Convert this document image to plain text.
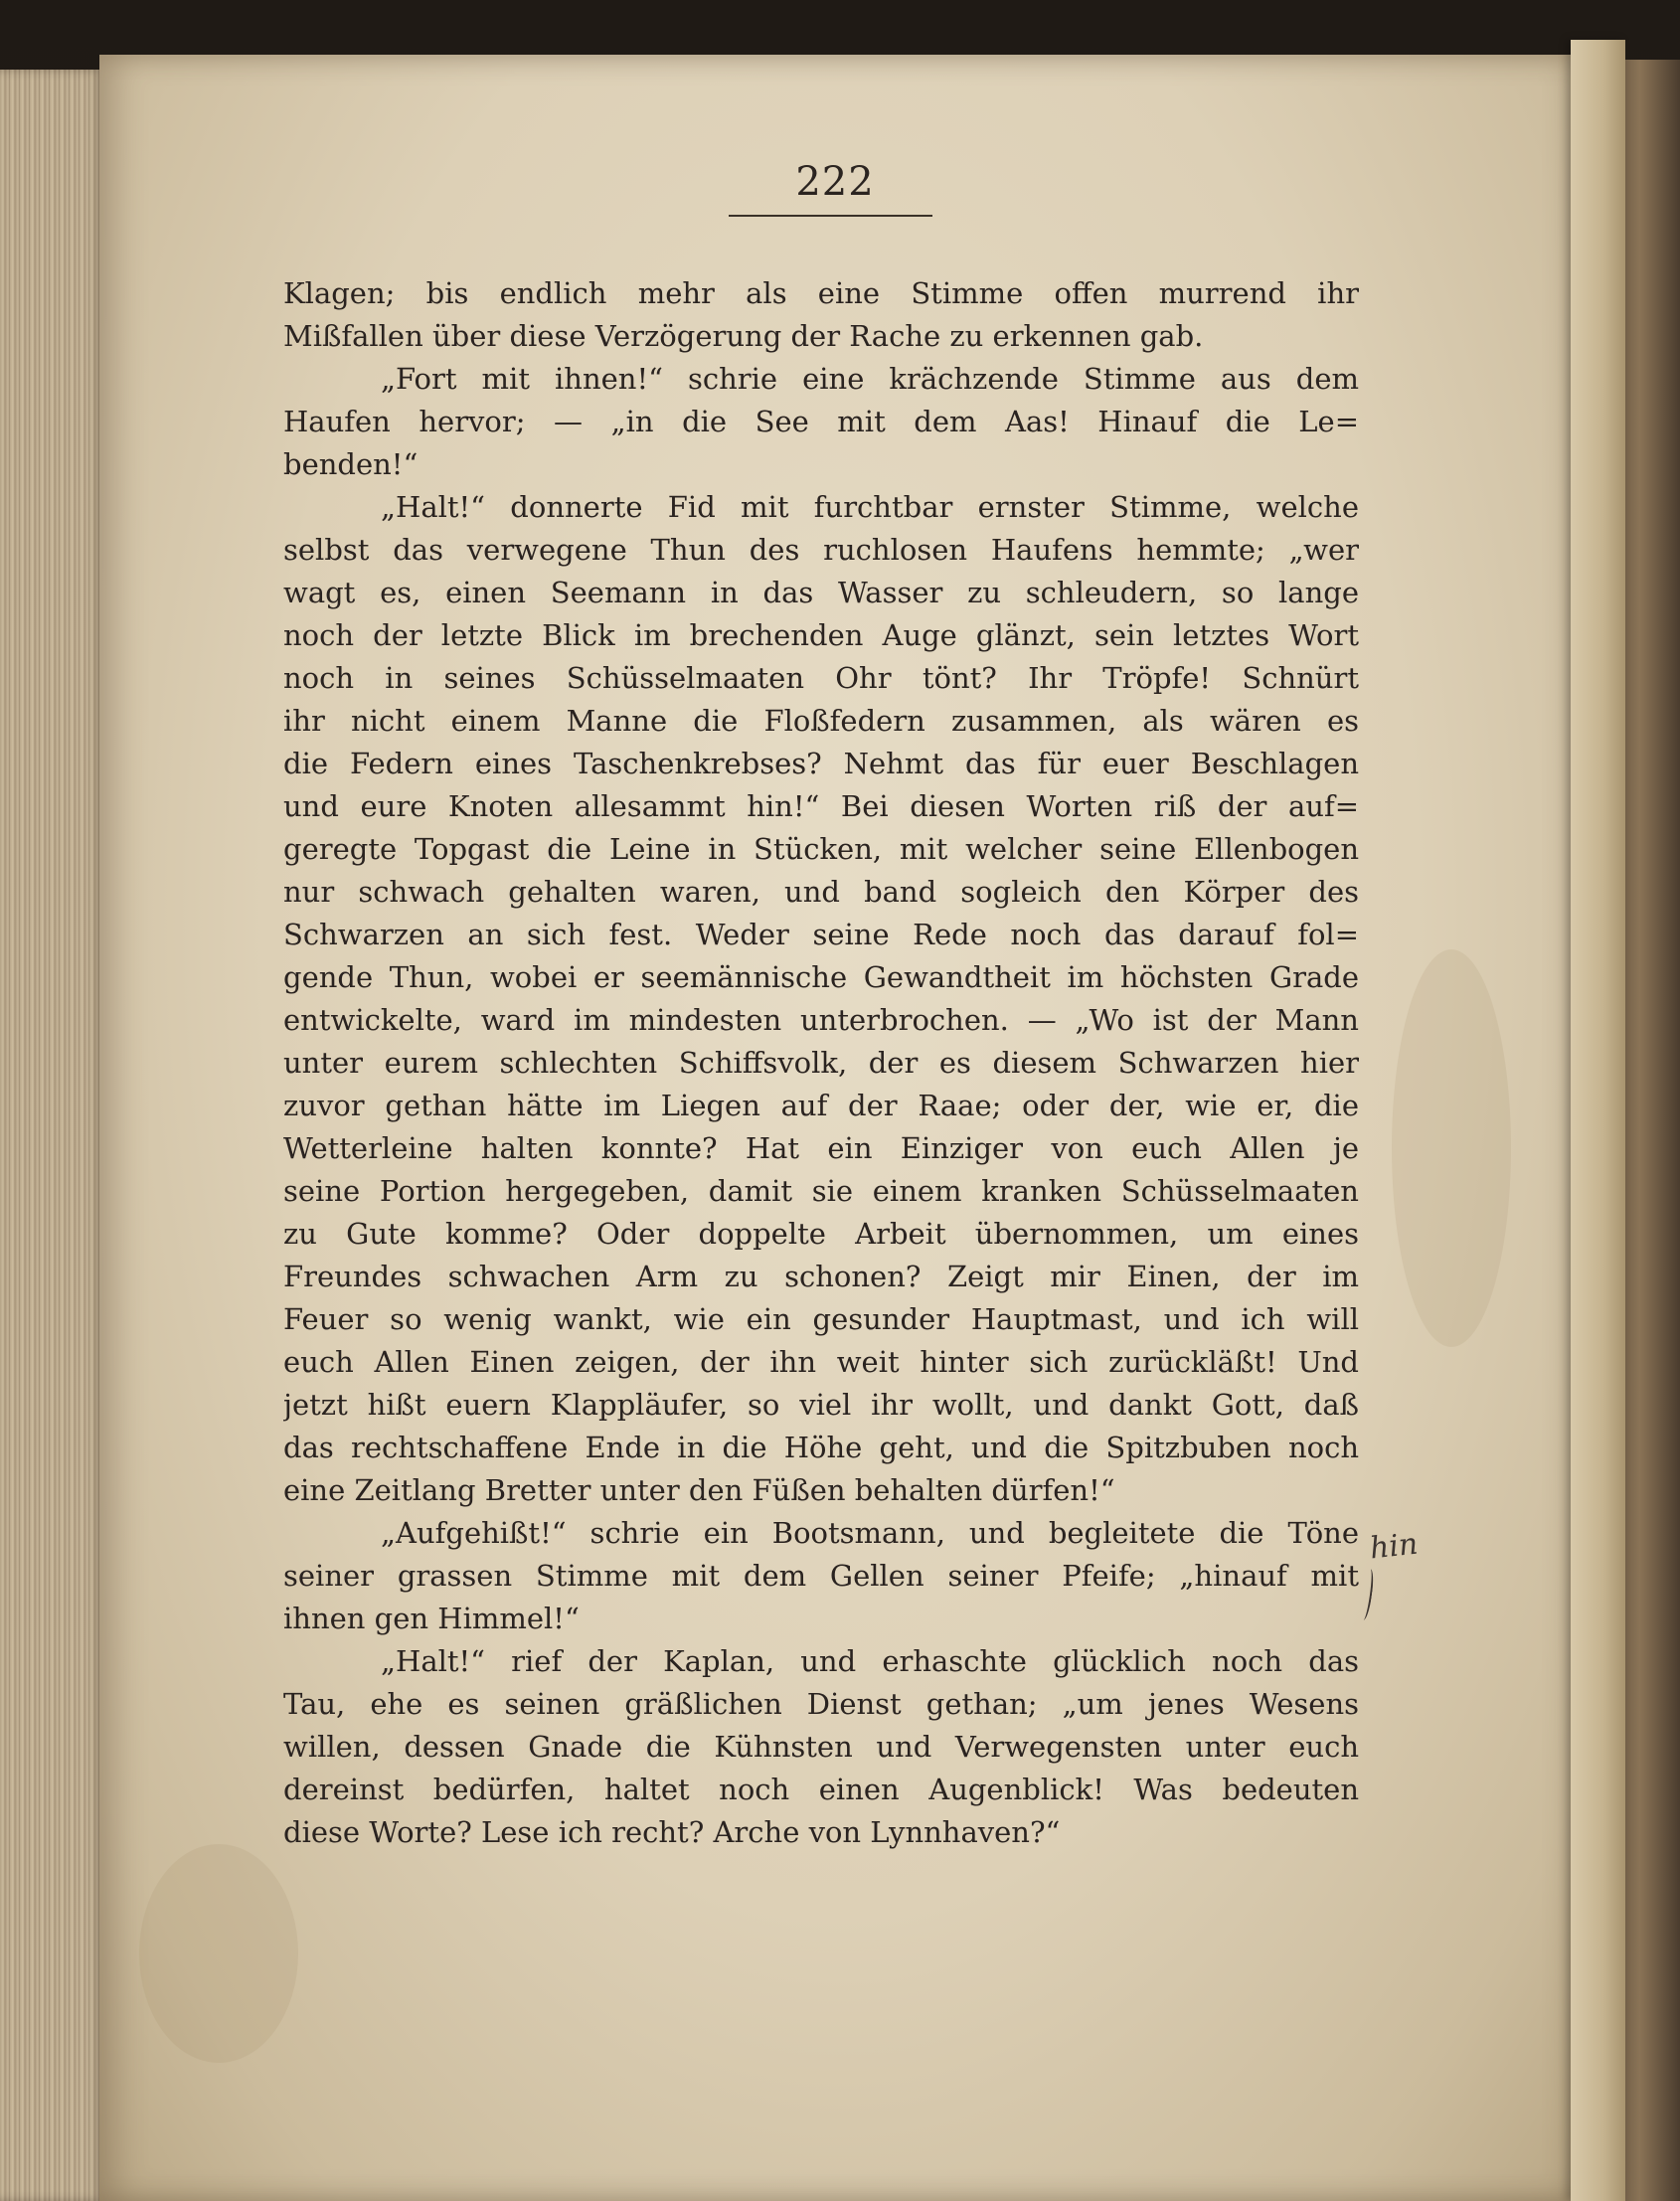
222
Klagen; bis endlich mehr als eine Stimme offen murrend ihr
Mißfallen über diese Verzögerung der Rache zu erkennen gab.
„Fort mit ihnen!“ schrie eine krächzende Stimme aus dem
Haufen hervor; — „in die See mit dem Aas! Hinauf die Le=
benden!“
„Halt!“ donnerte Fid mit furchtbar ernster Stimme, welche
selbst das verwegene Thun des ruchlosen Haufens hemmte; „wer
wagt es, einen Seemann in das Wasser zu schleudern, so lange
noch der letzte Blick im brechenden Auge glänzt, sein letztes Wort
noch in seines Schüsselmaaten Ohr tönt? Ihr Tröpfe! Schnürt
ihr nicht einem Manne die Floßfedern zusammen, als wären es
die Federn eines Taschenkrebses? Nehmt das für euer Beschlagen
und eure Knoten allesammt hin!“ Bei diesen Worten riß der auf=
geregte Topgast die Leine in Stücken, mit welcher seine Ellenbogen
nur schwach gehalten waren, und band sogleich den Körper des
Schwarzen an sich fest. Weder seine Rede noch das darauf fol=
gende Thun, wobei er seemännische Gewandtheit im höchsten Grade
entwickelte, ward im mindesten unterbrochen. — „Wo ist der Mann
unter eurem schlechten Schiffsvolk, der es diesem Schwarzen hier
zuvor gethan hätte im Liegen auf der Raae; oder der, wie er, die
Wetterleine halten konnte? Hat ein Einziger von euch Allen je
seine Portion hergegeben, damit sie einem kranken Schüsselmaaten
zu Gute komme? Oder doppelte Arbeit übernommen, um eines
Freundes schwachen Arm zu schonen? Zeigt mir Einen, der im
Feuer so wenig wankt, wie ein gesunder Hauptmast, und ich will
euch Allen Einen zeigen, der ihn weit hinter sich zurückläßt! Und
jetzt hißt euern Klappläufer, so viel ihr wollt, und dankt Gott, daß
das rechtschaffene Ende in die Höhe geht, und die Spitzbuben noch
eine Zeitlang Bretter unter den Füßen behalten dürfen!“
„Aufgehißt!“ schrie ein Bootsmann, und begleitete die Töne
seiner grassen Stimme mit dem Gellen seiner Pfeife; „hinauf mit
ihnen gen Himmel!“
„Halt!“ rief der Kaplan, und erhaschte glücklich noch das
Tau, ehe es seinen gräßlichen Dienst gethan; „um jenes Wesens
willen, dessen Gnade die Kühnsten und Verwegensten unter euch
dereinst bedürfen, haltet noch einen Augenblick! Was bedeuten
diese Worte? Lese ich recht? Arche von Lynnhaven?“
hin
